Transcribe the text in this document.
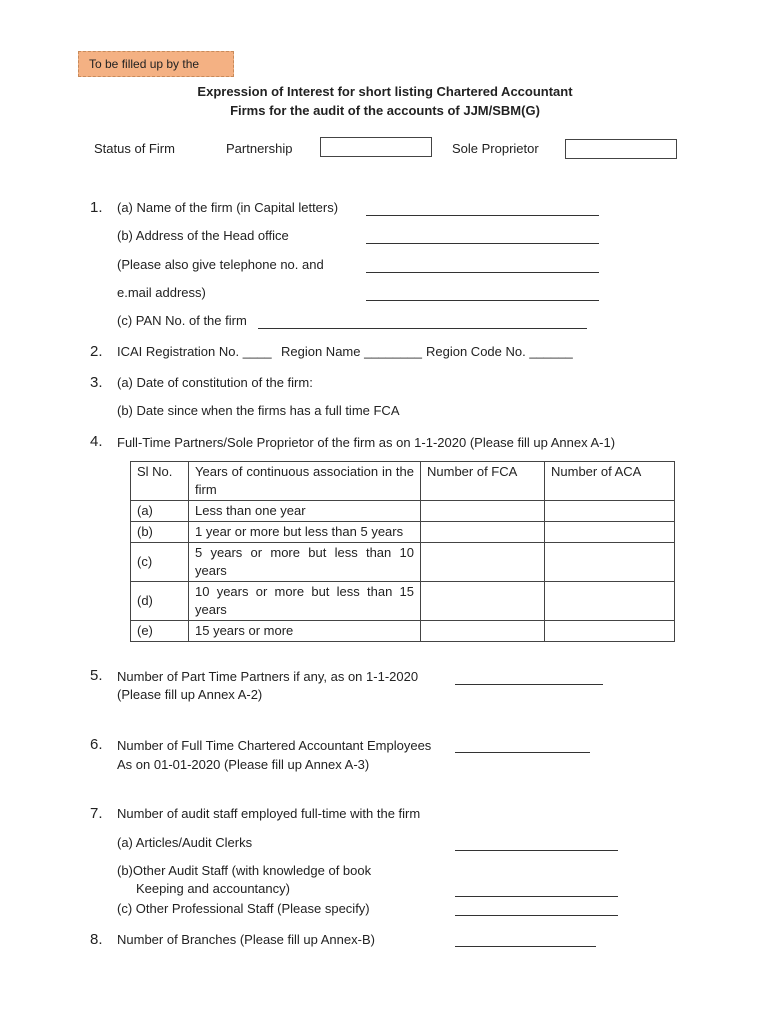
To be filled up by the
Expression of Interest for short listing Chartered Accountant
Firms for the audit of the accounts of JJM/SBM(G)
Status of Firm	Partnership	Sole Proprietor
1. (a) Name of the firm (in Capital letters)
(b) Address of the Head office
(Please also give telephone no. and
e.mail address)
(c) PAN No. of the firm
2. ICAI Registration No. ____ Region Name ________ Region Code No. ______
3. (a) Date of constitution of the firm:
(b) Date since when the firms has a full time FCA
4. Full-Time Partners/Sole Proprietor of the firm as on 1-1-2020 (Please fill up Annex A-1)
Sl No.	Years of continuous association in the firm	Number of FCA	Number of ACA
(a)	Less than one year		
(b)	1 year or more but less than 5 years		
(c)	5 years or more but less than 10 years		
(d)	10 years or more but less than 15 years		
(e)	15 years or more		
5. Number of Part Time Partners if any, as on 1-1-2020
(Please fill up Annex A-2)
6. Number of Full Time Chartered Accountant Employees
As on 01-01-2020 (Please fill up Annex A-3)
7. Number of audit staff employed full-time with the firm
(a) Articles/Audit Clerks
(b)Other Audit Staff (with knowledge of book
Keeping and accountancy)
(c) Other Professional Staff (Please specify)
8. Number of Branches (Please fill up Annex-B)
